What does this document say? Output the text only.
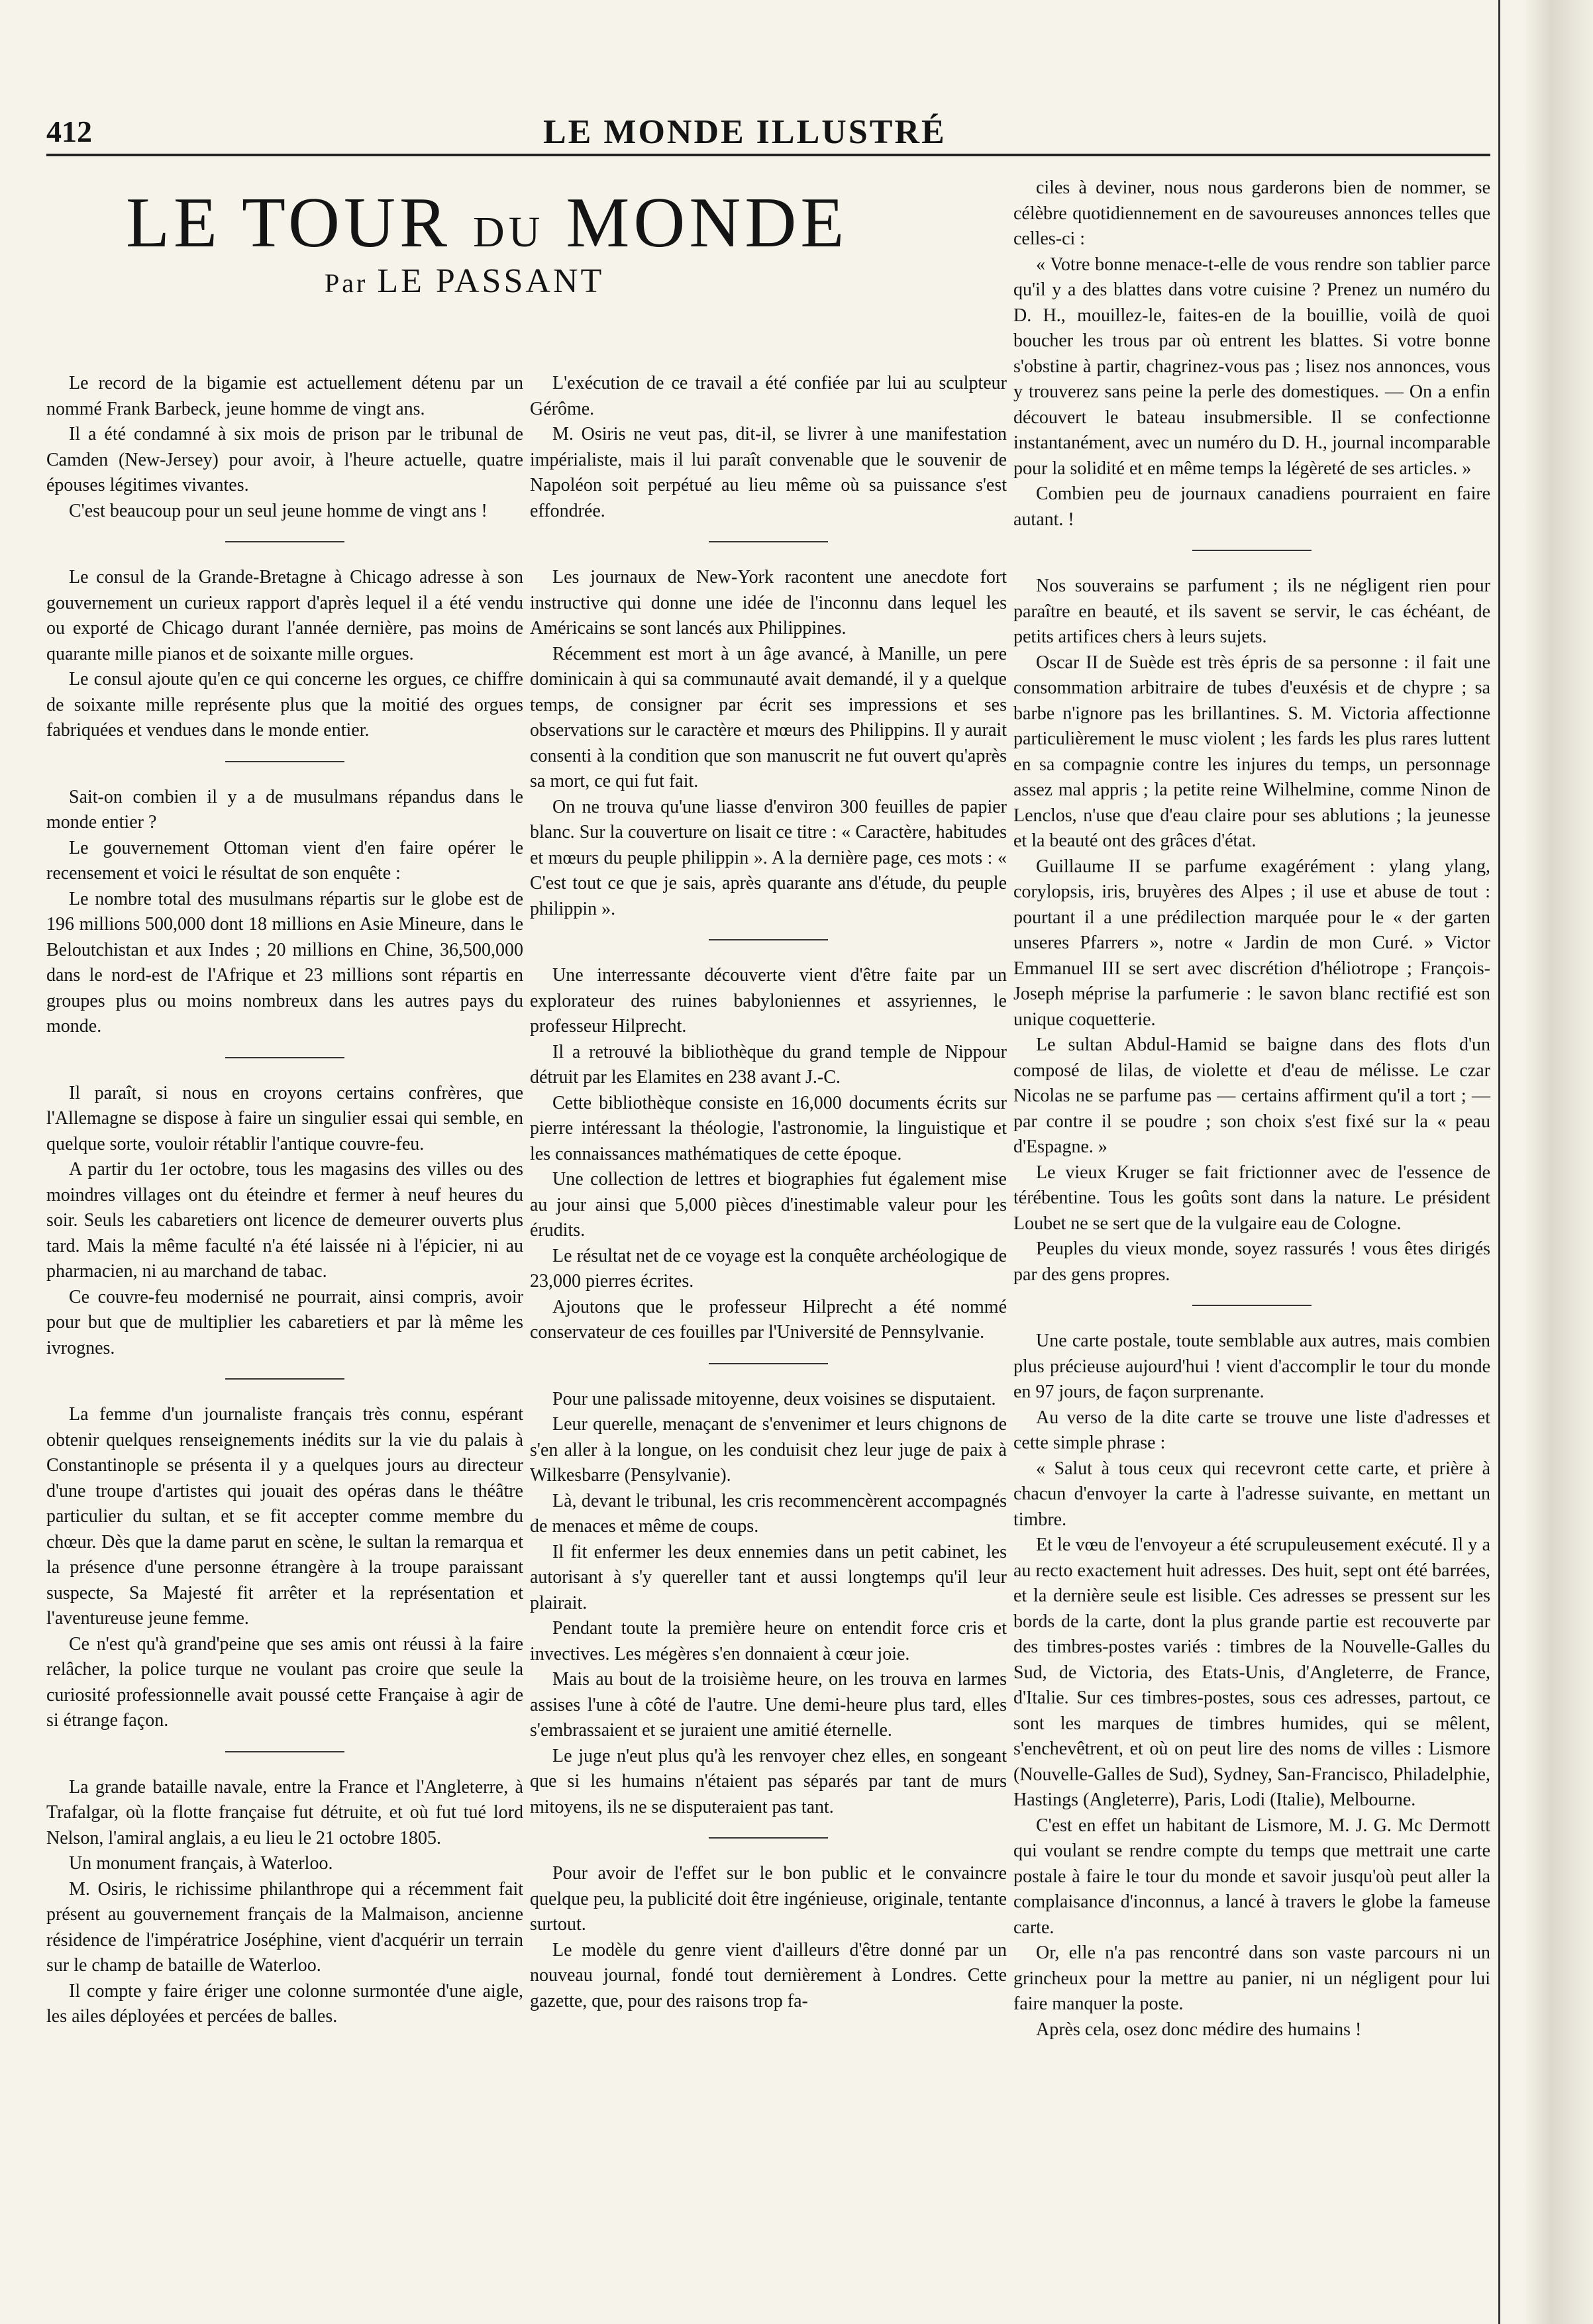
412	LE MONDE ILLUSTRÉ
LE TOUR DU MONDE
Par LE PASSANT

Le record de la bigamie est actuellement détenu par un nommé Frank Barbeck, jeune homme de vingt ans.

Il a été condamné à six mois de prison par le tribunal de Camden (New-Jersey) pour avoir, à l'heure actuelle, quatre épouses légitimes vivantes.

C'est beaucoup pour un seul jeune homme de vingt ans !

Le consul de la Grande-Bretagne à Chicago adresse à son gouvernement un curieux rapport d'après lequel il a été vendu ou exporté de Chicago durant l'année dernière, pas moins de quarante mille pianos et de soixante mille orgues.

Le consul ajoute qu'en ce qui concerne les orgues, ce chiffre de soixante mille représente plus que la moitié des orgues fabriquées et vendues dans le monde entier.

Sait-on combien il y a de musulmans répandus dans le monde entier ?

Le gouvernement Ottoman vient d'en faire opérer le recensement et voici le résultat de son enquête :

Le nombre total des musulmans répartis sur le globe est de 196 millions 500,000 dont 18 millions en Asie Mineure, dans le Beloutchistan et aux Indes ; 20 millions en Chine, 36,500,000 dans le nord-est de l'Afrique et 23 millions sont répartis en groupes plus ou moins nombreux dans les autres pays du monde.

Il paraît, si nous en croyons certains confrères, que l'Allemagne se dispose à faire un singulier essai qui semble, en quelque sorte, vouloir rétablir l'antique couvre-feu.

A partir du 1er octobre, tous les magasins des villes ou des moindres villages ont du éteindre et fermer à neuf heures du soir. Seuls les cabaretiers ont licence de demeurer ouverts plus tard. Mais la même faculté n'a été laissée ni à l'épicier, ni au pharmacien, ni au marchand de tabac.

Ce couvre-feu modernisé ne pourrait, ainsi compris, avoir pour but que de multiplier les cabaretiers et par là même les ivrognes.

La femme d'un journaliste français très connu, espérant obtenir quelques renseignements inédits sur la vie du palais à Constantinople se présenta il y a quelques jours au directeur d'une troupe d'artistes qui jouait des opéras dans le théâtre particulier du sultan, et se fit accepter comme membre du chœur. Dès que la dame parut en scène, le sultan la remarqua et la présence d'une personne étrangère à la troupe paraissant suspecte, Sa Majesté fit arrêter et la représentation et l'aventureuse jeune femme.

Ce n'est qu'à grand'peine que ses amis ont réussi à la faire relâcher, la police turque ne voulant pas croire que seule la curiosité professionnelle avait poussé cette Française à agir de si étrange façon.

La grande bataille navale, entre la France et l'Angleterre, à Trafalgar, où la flotte française fut détruite, et où fut tué lord Nelson, l'amiral anglais, a eu lieu le 21 octobre 1805.

Un monument français, à Waterloo.

M. Osiris, le richissime philanthrope qui a récemment fait présent au gouvernement français de la Malmaison, ancienne résidence de l'impératrice Joséphine, vient d'acquérir un terrain sur le champ de bataille de Waterloo.

Il compte y faire ériger une colonne surmontée d'une aigle, les ailes déployées et percées de balles.

L'exécution de ce travail a été confiée par lui au sculpteur Gérôme.

M. Osiris ne veut pas, dit-il, se livrer à une manifestation impérialiste, mais il lui paraît convenable que le souvenir de Napoléon soit perpétué au lieu même où sa puissance s'est effondrée.

Les journaux de New-York racontent une anecdote fort instructive qui donne une idée de l'inconnu dans lequel les Américains se sont lancés aux Philippines.

Récemment est mort à un âge avancé, à Manille, un pere dominicain à qui sa communauté avait demandé, il y a quelque temps, de consigner par écrit ses impressions et ses observations sur le caractère et mœurs des Philippins. Il y aurait consenti à la condition que son manuscrit ne fut ouvert qu'après sa mort, ce qui fut fait.

On ne trouva qu'une liasse d'environ 300 feuilles de papier blanc. Sur la couverture on lisait ce titre : « Caractère, habitudes et mœurs du peuple philippin ». A la dernière page, ces mots : « C'est tout ce que je sais, après quarante ans d'étude, du peuple philippin ».

Une interressante découverte vient d'être faite par un explorateur des ruines babyloniennes et assyriennes, le professeur Hilprecht.

Il a retrouvé la bibliothèque du grand temple de Nippour détruit par les Elamites en 238 avant J.-C.

Cette bibliothèque consiste en 16,000 documents écrits sur pierre intéressant la théologie, l'astronomie, la linguistique et les connaissances mathématiques de cette époque.

Une collection de lettres et biographies fut également mise au jour ainsi que 5,000 pièces d'inestimable valeur pour les érudits.

Le résultat net de ce voyage est la conquête archéologique de 23,000 pierres écrites.

Ajoutons que le professeur Hilprecht a été nommé conservateur de ces fouilles par l'Université de Pennsylvanie.

Pour une palissade mitoyenne, deux voisines se disputaient.

Leur querelle, menaçant de s'envenimer et leurs chignons de s'en aller à la longue, on les conduisit chez leur juge de paix à Wilkesbarre (Pensylvanie).

Là, devant le tribunal, les cris recommencèrent accompagnés de menaces et même de coups.

Il fit enfermer les deux ennemies dans un petit cabinet, les autorisant à s'y quereller tant et aussi longtemps qu'il leur plairait.

Pendant toute la première heure on entendit force cris et invectives. Les mégères s'en donnaient à cœur joie.

Mais au bout de la troisième heure, on les trouva en larmes assises l'une à côté de l'autre. Une demi-heure plus tard, elles s'embrassaient et se juraient une amitié éternelle.

Le juge n'eut plus qu'à les renvoyer chez elles, en songeant que si les humains n'étaient pas séparés par tant de murs mitoyens, ils ne se disputeraient pas tant.

Pour avoir de l'effet sur le bon public et le convaincre quelque peu, la publicité doit être ingénieuse, originale, tentante surtout.

Le modèle du genre vient d'ailleurs d'être donné par un nouveau journal, fondé tout dernièrement à Londres. Cette gazette, que, pour des raisons trop fa-

ciles à deviner, nous nous garderons bien de nommer, se célèbre quotidiennement en de savoureuses annonces telles que celles-ci :

« Votre bonne menace-t-elle de vous rendre son tablier parce qu'il y a des blattes dans votre cuisine ? Prenez un numéro du D. H., mouillez-le, faites-en de la bouillie, voilà de quoi boucher les trous par où entrent les blattes. Si votre bonne s'obstine à partir, chagrinez-vous pas ; lisez nos annonces, vous y trouverez sans peine la perle des domestiques. — On a enfin découvert le bateau insubmersible. Il se confectionne instantanément, avec un numéro du D. H., journal incomparable pour la solidité et en même temps la légèreté de ses articles. »

Combien peu de journaux canadiens pourraient en faire autant. !

Nos souverains se parfument ; ils ne négligent rien pour paraître en beauté, et ils savent se servir, le cas échéant, de petits artifices chers à leurs sujets.

Oscar II de Suède est très épris de sa personne : il fait une consommation arbitraire de tubes d'euxésis et de chypre ; sa barbe n'ignore pas les brillantines. S. M. Victoria affectionne particulièrement le musc violent ; les fards les plus rares luttent en sa compagnie contre les injures du temps, un personnage assez mal appris ; la petite reine Wilhelmine, comme Ninon de Lenclos, n'use que d'eau claire pour ses ablutions ; la jeunesse et la beauté ont des grâces d'état.

Guillaume II se parfume exagérément : ylang ylang, corylopsis, iris, bruyères des Alpes ; il use et abuse de tout : pourtant il a une prédilection marquée pour le « der garten unseres Pfarrers », notre « Jardin de mon Curé. » Victor Emmanuel III se sert avec discrétion d'héliotrope ; François-Joseph méprise la parfumerie : le savon blanc rectifié est son unique coquetterie.

Le sultan Abdul-Hamid se baigne dans des flots d'un composé de lilas, de violette et d'eau de mélisse. Le czar Nicolas ne se parfume pas — certains affirment qu'il a tort ; — par contre il se poudre ; son choix s'est fixé sur la « peau d'Espagne. »

Le vieux Kruger se fait frictionner avec de l'essence de térébentine. Tous les goûts sont dans la nature. Le président Loubet ne se sert que de la vulgaire eau de Cologne.

Peuples du vieux monde, soyez rassurés ! vous êtes dirigés par des gens propres.

Une carte postale, toute semblable aux autres, mais combien plus précieuse aujourd'hui ! vient d'accomplir le tour du monde en 97 jours, de façon surprenante.

Au verso de la dite carte se trouve une liste d'adresses et cette simple phrase :

« Salut à tous ceux qui recevront cette carte, et prière à chacun d'envoyer la carte à l'adresse suivante, en mettant un timbre.

Et le vœu de l'envoyeur a été scrupuleusement exécuté. Il y a au recto exactement huit adresses. Des huit, sept ont été barrées, et la dernière seule est lisible. Ces adresses se pressent sur les bords de la carte, dont la plus grande partie est recouverte par des timbres-postes variés : timbres de la Nouvelle-Galles du Sud, de Victoria, des Etats-Unis, d'Angleterre, de France, d'Italie. Sur ces timbres-postes, sous ces adresses, partout, ce sont les marques de timbres humides, qui se mêlent, s'enchevêtrent, et où on peut lire des noms de villes : Lismore (Nouvelle-Galles de Sud), Sydney, San-Francisco, Philadelphie, Hastings (Angleterre), Paris, Lodi (Italie), Melbourne.

C'est en effet un habitant de Lismore, M. J. G. Mc Dermott qui voulant se rendre compte du temps que mettrait une carte postale à faire le tour du monde et savoir jusqu'où peut aller la complaisance d'inconnus, a lancé à travers le globe la fameuse carte.

Or, elle n'a pas rencontré dans son vaste parcours ni un grincheux pour la mettre au panier, ni un négligent pour lui faire manquer la poste.

Après cela, osez donc médire des humains !
